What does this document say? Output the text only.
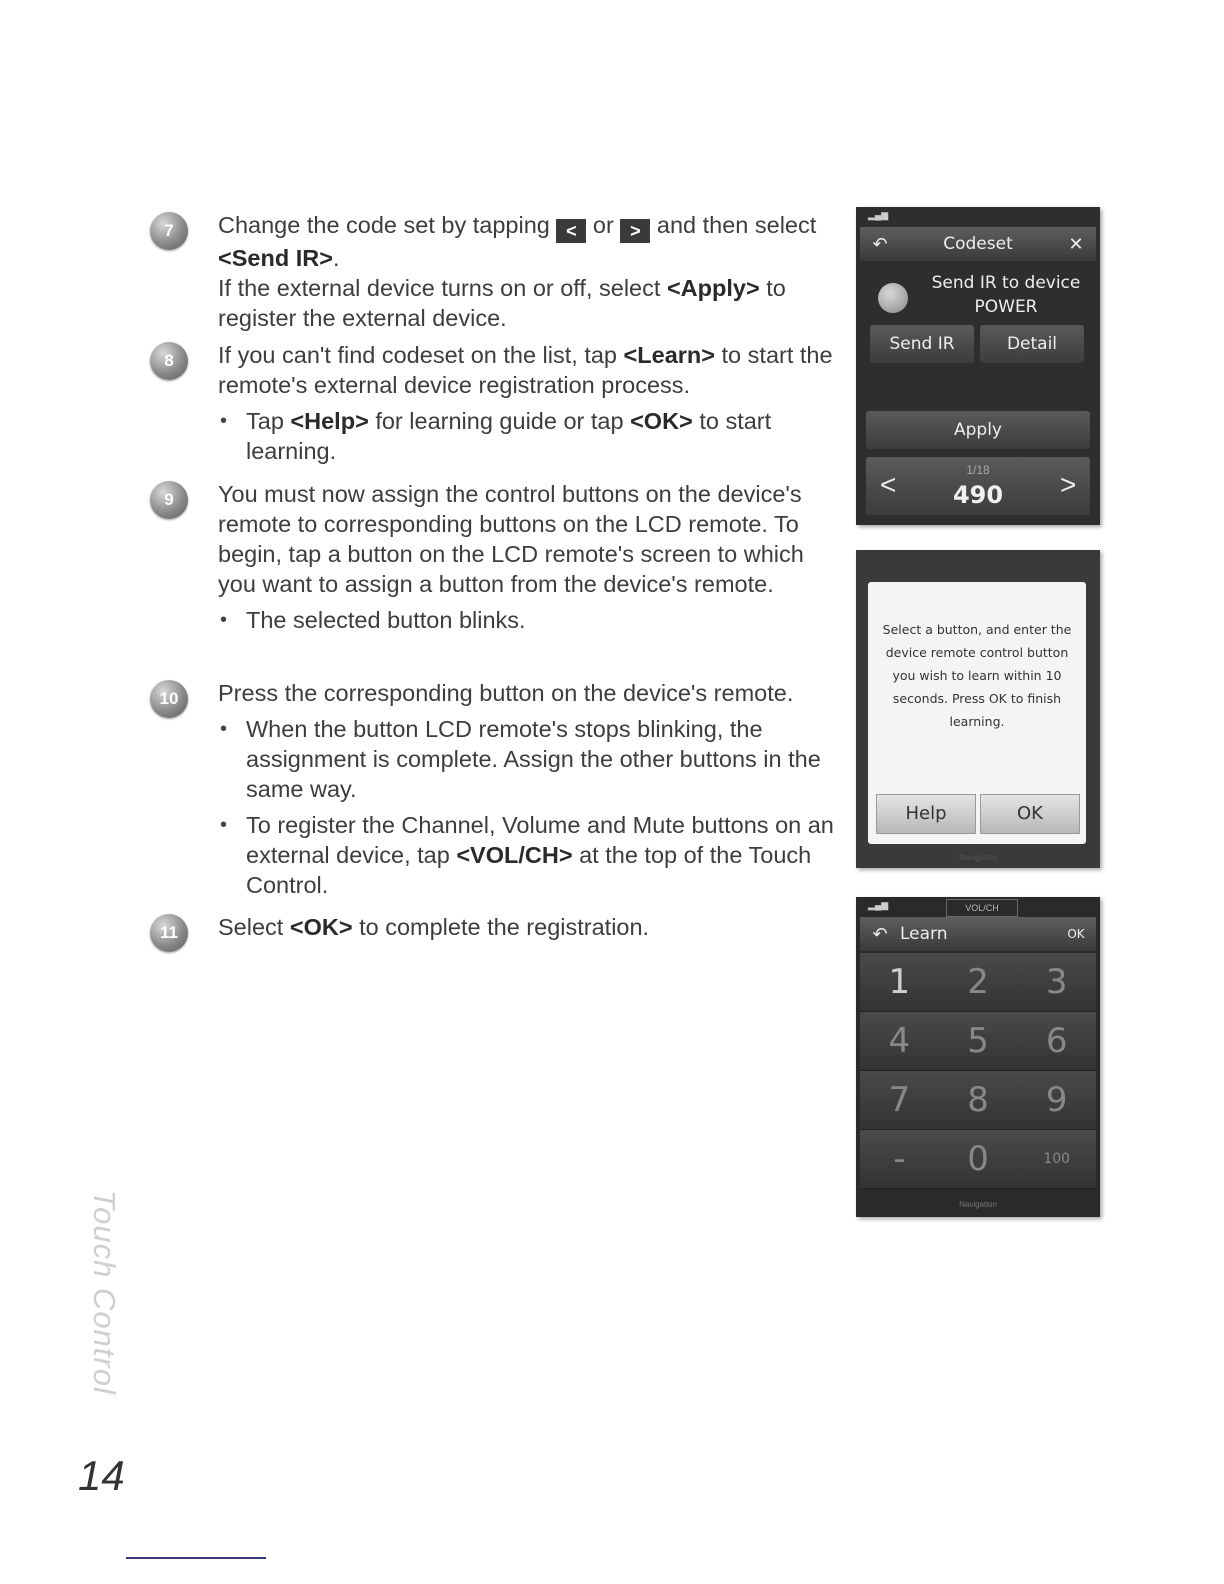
7	Change the code set by tapping < or > and then select <Send IR>.
If the external device turns on or off, select <Apply> to register the external device.
8	If you can't find codeset on the list, tap <Learn> to start the remote's external device registration process.
• Tap <Help> for learning guide or tap <OK> to start learning.
9	You must now assign the control buttons on the device's remote to corresponding buttons on the LCD remote. To begin, tap a button on the LCD remote's screen to which you want to assign a button from the device's remote.
• The selected button blinks.
10	Press the corresponding button on the device's remote.
• When the button LCD remote's stops blinking, the assignment is complete. Assign the other buttons in the same way.
• To register the Channel, Volume and Mute buttons on an external device, tap <VOL/CH> at the top of the Touch Control.
11	Select <OK> to complete the registration.
▂▄▆
↶	Codeset	✕
Send IR to device
POWER
Send IR	Detail
Apply
<	>
1/18
490
Select a button, and enter the device remote control button you wish to learn within 10 seconds. Press OK to finish learning.
Help	OK
Navigation
▂▄▆	VOL/CH
↶ Learn	OK
1	2	3
4	5	6
7	8	9
-	0	100
Navigation
Touch Control
14
